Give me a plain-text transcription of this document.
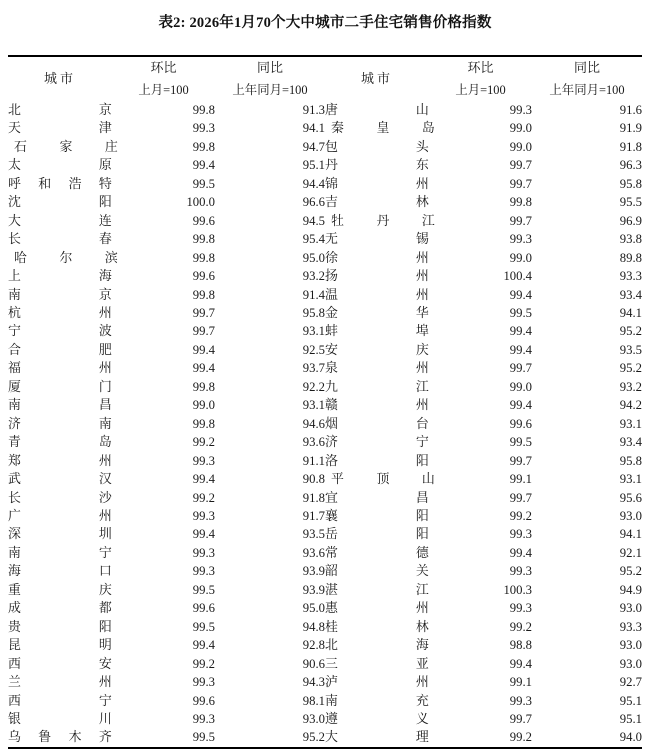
表2: 2026年1月70个大中城市二手住宅销售价格指数
城市	环比	同比	城市	环比	同比
	上月=100	上年同月=100		上月=100	上年同月=100

北 京	99.8	91.3	唐 山	99.3	91.6

天 津	99.3	94.1	秦 皇 岛	99.0	91.9

石 家 庄	99.8	94.7	包 头	99.0	91.8

太 原	99.4	95.1	丹 东	99.7	96.3

呼 和 浩 特	99.5	94.4	锦 州	99.7	95.8

沈 阳	100.0	96.6	吉 林	99.8	95.5

大 连	99.6	94.5	牡 丹 江	99.7	96.9

长 春	99.8	95.4	无 锡	99.3	93.8

哈 尔 滨	99.8	95.0	徐 州	99.0	89.8

上 海	99.6	93.2	扬 州	100.4	93.3

南 京	99.8	91.4	温 州	99.4	93.4

杭 州	99.7	95.8	金 华	99.5	94.1

宁 波	99.7	93.1	蚌 埠	99.4	95.2

合 肥	99.4	92.5	安 庆	99.4	93.5

福 州	99.4	93.7	泉 州	99.7	95.2

厦 门	99.8	92.2	九 江	99.0	93.2

南 昌	99.0	93.1	赣 州	99.4	94.2

济 南	99.8	94.6	烟 台	99.6	93.1

青 岛	99.2	93.6	济 宁	99.5	93.4

郑 州	99.3	91.1	洛 阳	99.7	95.8

武 汉	99.4	90.8	平 顶 山	99.1	93.1

长 沙	99.2	91.8	宜 昌	99.7	95.6

广 州	99.3	91.7	襄 阳	99.2	93.0

深 圳	99.4	93.5	岳 阳	99.3	94.1

南 宁	99.3	93.6	常 德	99.4	92.1

海 口	99.3	93.9	韶 关	99.3	95.2

重 庆	99.5	93.9	湛 江	100.3	94.9

成 都	99.6	95.0	惠 州	99.3	93.0

贵 阳	99.5	94.8	桂 林	99.2	93.3

昆 明	99.4	92.8	北 海	98.8	93.0

西 安	99.2	90.6	三 亚	99.4	93.0

兰 州	99.3	94.3	泸 州	99.1	92.7

西 宁	99.6	98.1	南 充	99.3	95.1

银 川	99.3	93.0	遵 义	99.7	95.1

乌 鲁 木 齐	99.5	95.2	大 理	99.2	94.0
